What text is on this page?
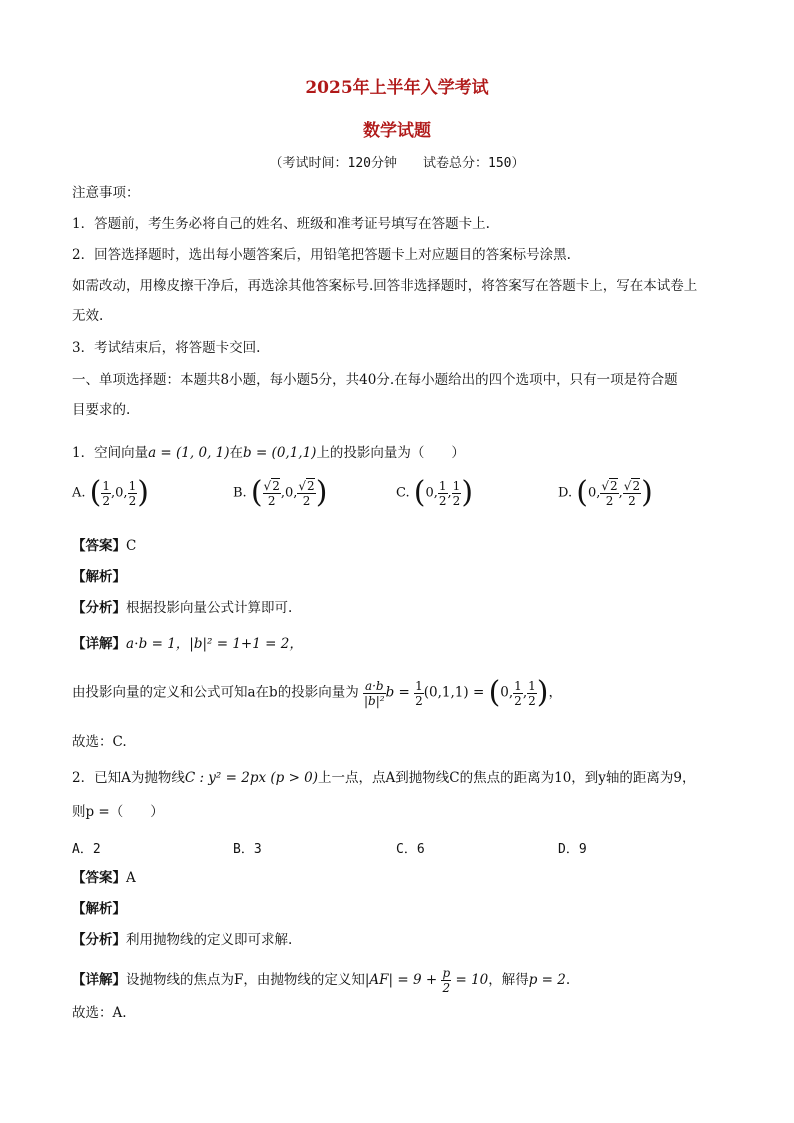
2025年上半年入学考试
数学试题
（考试时间：120分钟　　试卷总分：150）
注意事项：
1．答题前，考生务必将自己的姓名、班级和准考证号填写在答题卡上.
2．回答选择题时，选出每小题答案后，用铅笔把答题卡上对应题目的答案标号涂黑.
如需改动，用橡皮擦干净后，再选涂其他答案标号.回答非选择题时，将答案写在答题卡上，写在本试卷上
无效.
3．考试结束后，将答题卡交回.
一、单项选择题：本题共8小题，每小题5分，共40分.在每小题给出的四个选项中，只有一项是符合题
目要求的.
1．空间向量a = (1, 0, 1)在b = (0,1,1)上的投影向量为（　　）
A. ( $\frac{1}{2} ,0$, $\frac{1}{2}$ )	B. ( $\frac{√2}{2} ,0$, $\frac{√2}{2}$ )	C. (0, $\frac{1}{2}$ , $\frac{1}{2}$ )	D. (0, $\frac{√2}{2}$ , $\frac{√2}{2}$ )
【答案】C
【解析】
【分析】根据投影向量公式计算即可.
【详解】a⋅b = 1，|b|² = 1+1 = 2，
由投影向量的定义和公式可知a在b的投影向量为 $\frac{a\cdot b}{\text{|b|²}}$ $b = \frac{1}{2} (0,1,1) = (0$, $\frac{1}{2}$ , $\frac{1}{2}$ )，
故选：C.
2．已知A为抛物线C : y² = 2px (p > 0)上一点，点A到抛物线C的焦点的距离为10，到y轴的距离为9，
则p =（　　）
A．2	B．3	C．6	D．9
【答案】A
【解析】
【分析】利用抛物线的定义即可求解.
【详解】设抛物线的焦点为F，由抛物线的定义知$|AF| = 9 + \frac{p}{2} = 10$，解得p = 2.
故选：A.
